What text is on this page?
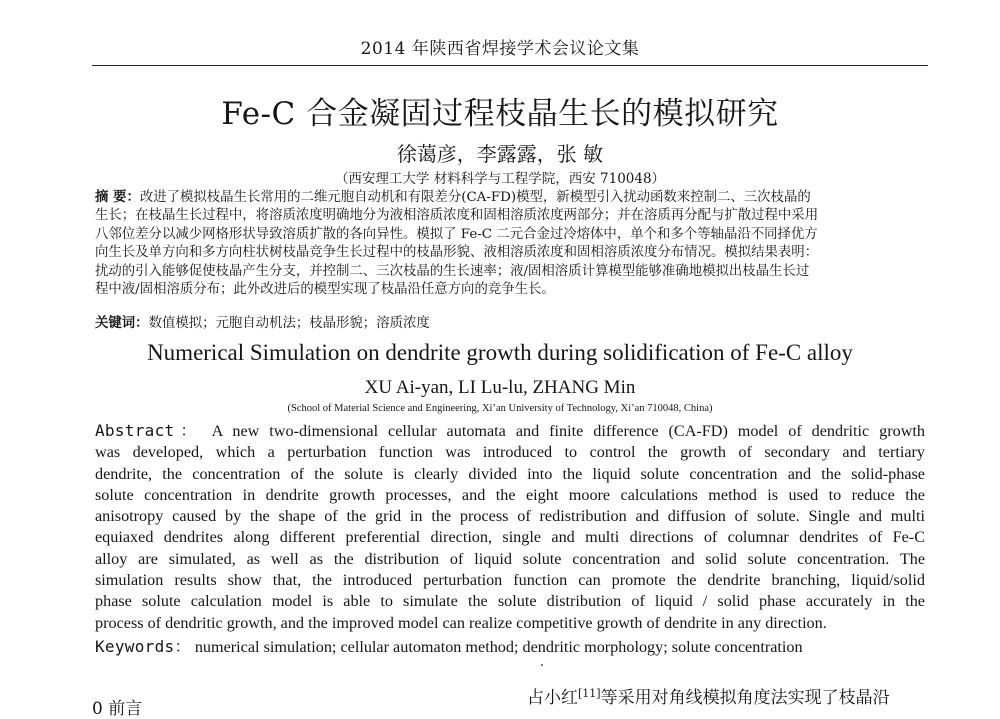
2014 年陕西省焊接学术会议论文集
Fe-C 合金凝固过程枝晶生长的模拟研究
徐蔼彦，李露露，张 敏
（西安理工大学 材料科学与工程学院，西安 710048）
摘 要：改进了模拟枝晶生长常用的二维元胞自动机和有限差分(CA-FD)模型，新模型引入扰动函数来控制二、三次枝晶的
生长；在枝晶生长过程中，将溶质浓度明确地分为液相溶质浓度和固相溶质浓度两部分；并在溶质再分配与扩散过程中采用
八邻位差分以减少网格形状导致溶质扩散的各向异性。模拟了 Fe-C 二元合金过冷熔体中，单个和多个等轴晶沿不同择优方
向生长及单方向和多方向柱状树枝晶竞争生长过程中的枝晶形貌、液相溶质浓度和固相溶质浓度分布情况。模拟结果表明：
扰动的引入能够促使枝晶产生分支，并控制二、三次枝晶的生长速率；液/固相溶质计算模型能够准确地模拟出枝晶生长过
程中液/固相溶质分布；此外改进后的模型实现了枝晶沿任意方向的竞争生长。
关键词：数值模拟；元胞自动机法；枝晶形貌；溶质浓度
Numerical Simulation on dendrite growth during solidification of Fe-C alloy
XU Ai-yan, LI Lu-lu, ZHANG Min
(School of Material Science and Engineering, Xi’an University of Technology, Xi’an 710048, China)
Abstract： A new two-dimensional cellular automata and finite difference (CA-FD) model of dendritic growth
was developed, which a perturbation function was introduced to control the growth of secondary and tertiary
dendrite, the concentration of the solute is clearly divided into the liquid solute concentration and the solid-phase
solute concentration in dendrite growth processes, and the eight moore calculations method is used to reduce the
anisotropy caused by the shape of the grid in the process of redistribution and diffusion of solute. Single and multi
equiaxed dendrites along different preferential direction, single and multi directions of columnar dendrites of Fe-C
alloy are simulated, as well as the distribution of liquid solute concentration and solid solute concentration. The
simulation results show that, the introduced perturbation function can promote the dendrite branching, liquid/solid
phase solute calculation model is able to simulate the solute distribution of liquid / solid phase accurately in the
process of dendritic growth, and the improved model can realize competitive growth of dendrite in any direction.
Keywords： numerical simulation; cellular automaton method; dendritic morphology; solute concentration
0 前言
占小红[11]等采用对角线模拟角度法实现了枝晶沿
